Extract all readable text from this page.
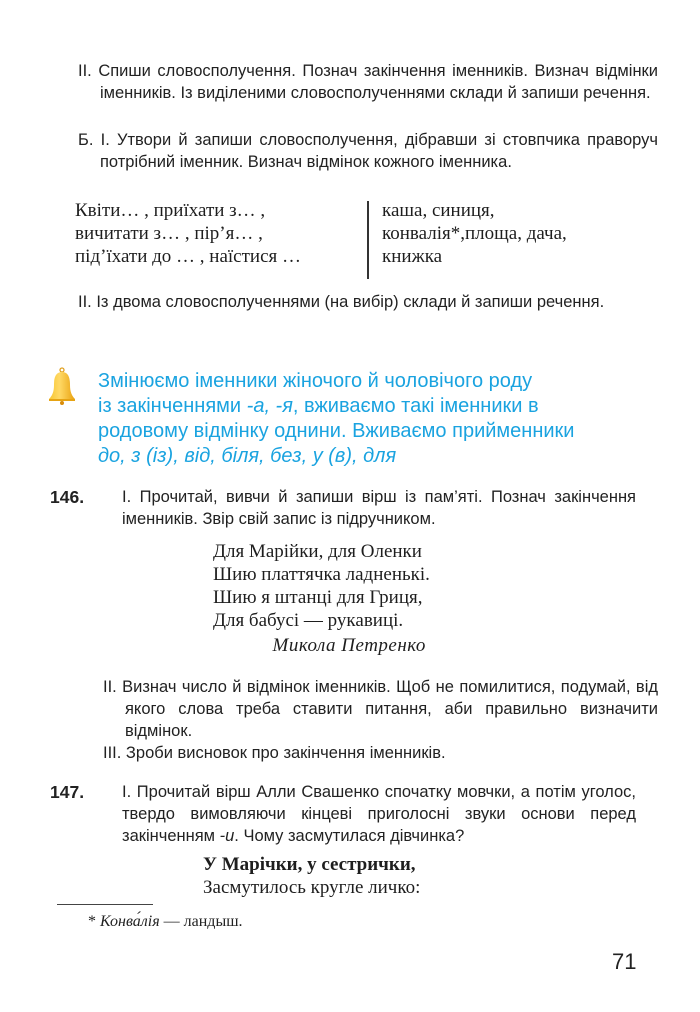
ІІ. Спиши словосполучення. Познач закінчення іменників. Визнач відмінки іменників. Із виділеними словосполученнями склади й запиши речення.
Б. І. Утвори й запиши словосполучення, дібравши зі стовпчика праворуч потрібний іменник. Визнач відмінок кожного іменника.
Квіти… , приїхати з… ,
вичитати з… , пір’я… ,
під’їхати до … , наїстися …
каша, синиця,
конвалія*,площа, дача,
книжка
ІІ. Із двома словосполученнями (на вибір) склади й запиши речення.
Змінюємо іменники жіночого й чоловічого роду
із закінченнями -а, -я, вживаємо такі іменники в
родовому відмінку однини. Вживаємо прийменники
до, з (із), від, біля, без, у (в), для
146. І. Прочитай, вивчи й запиши вірш із пам’яті. Познач закінчення іменників. Звір свій запис із підручником.
Для Марійки, для Оленки
Шию платтячка ладненькі.
Шию я штанці для Гриця,
Для бабусі — рукавиці.
Микола Петренко
ІІ. Визнач число й відмінок іменників. Щоб не помилитися, подумай, від якого слова треба ставити питання, аби правильно визначити відмінок.
ІІІ. Зроби висновок про закінчення іменників.
147. І. Прочитай вірш Алли Свашенко спочатку мовчки, а потім уголос, твердо вимовляючи кінцеві приголосні звуки основи перед закінченням -и. Чому засмутилася дівчинка?
У Марічки, у сестрички,
Засмутилось кругле личко:
* Конва́лія — ландыш.
71
